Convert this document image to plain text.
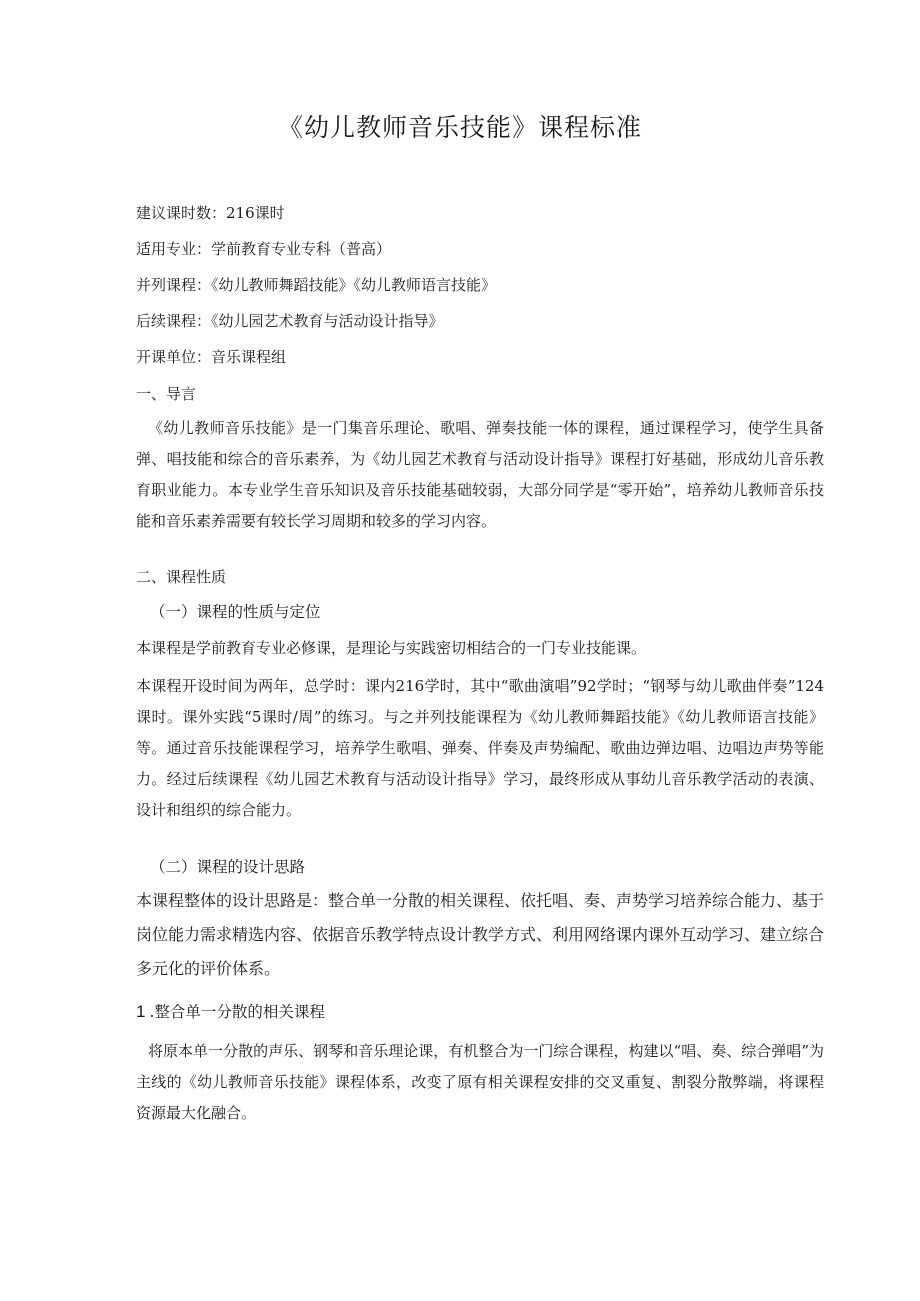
《幼儿教师音乐技能》课程标准
建议课时数：216课时
适用专业：学前教育专业专科（普高）
并列课程：《幼儿教师舞蹈技能》《幼儿教师语言技能》
后续课程：《幼儿园艺术教育与活动设计指导》
开课单位：音乐课程组
一、导言
《幼儿教师音乐技能》是一门集音乐理论、歌唱、弹奏技能一体的课程，通过课程学习，使学生具备弹、唱技能和综合的音乐素养，为《幼儿园艺术教育与活动设计指导》课程打好基础，形成幼儿音乐教育职业能力。本专业学生音乐知识及音乐技能基础较弱，大部分同学是“零开始”，培养幼儿教师音乐技能和音乐素养需要有较长学习周期和较多的学习内容。
二、课程性质
（一）课程的性质与定位
本课程是学前教育专业必修课，是理论与实践密切相结合的一门专业技能课。
本课程开设时间为两年，总学时：课内216学时，其中“歌曲演唱”92学时；“钢琴与幼儿歌曲伴奏”124课时。课外实践“5课时/周”的练习。与之并列技能课程为《幼儿教师舞蹈技能》《幼儿教师语言技能》等。通过音乐技能课程学习，培养学生歌唱、弹奏、伴奏及声势编配、歌曲边弹边唱、边唱边声势等能力。经过后续课程《幼儿园艺术教育与活动设计指导》学习，最终形成从事幼儿音乐教学活动的表演、设计和组织的综合能力。
（二）课程的设计思路
本课程整体的设计思路是：整合单一分散的相关课程、依托唱、奏、声势学习培养综合能力、基于岗位能力需求精选内容、依据音乐教学特点设计教学方式、利用网络课内课外互动学习、建立综合多元化的评价体系。
1 .整合单一分散的相关课程
将原本单一分散的声乐、钢琴和音乐理论课，有机整合为一门综合课程，构建以“唱、奏、综合弹唱”为主线的《幼儿教师音乐技能》课程体系，改变了原有相关课程安排的交叉重复、割裂分散弊端，将课程资源最大化融合。
